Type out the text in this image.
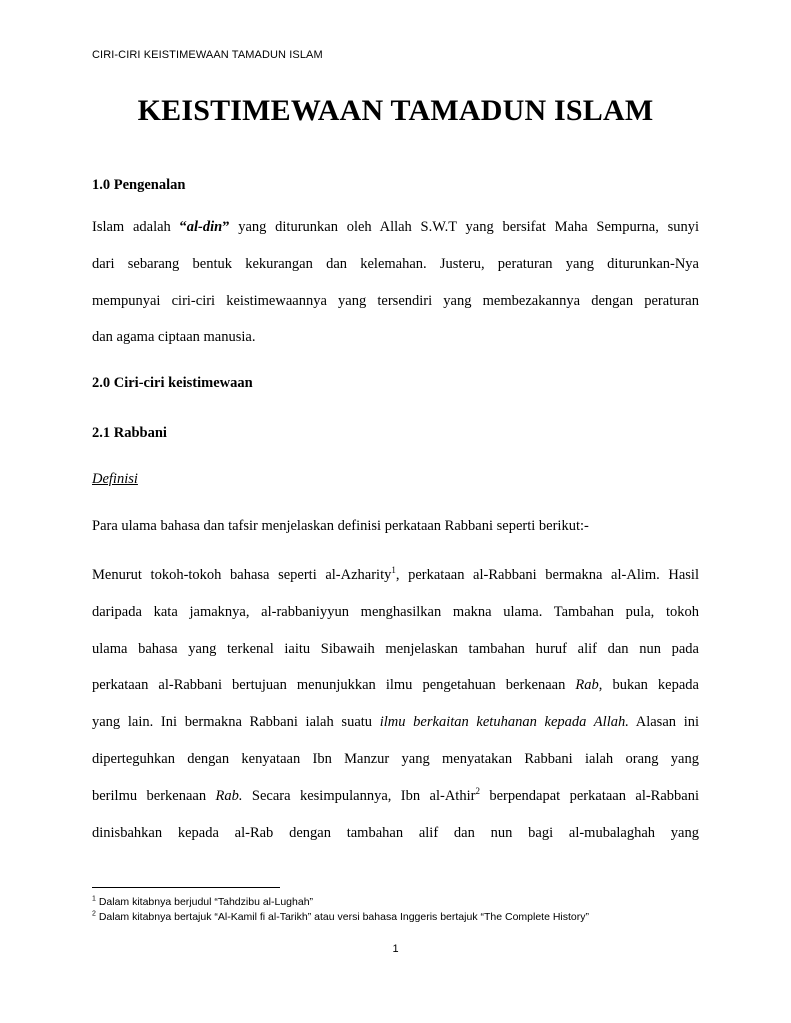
CIRI-CIRI KEISTIMEWAAN TAMADUN ISLAM
KEISTIMEWAAN TAMADUN ISLAM
1.0 Pengenalan
Islam adalah “al-din” yang diturunkan oleh Allah S.W.T yang bersifat Maha Sempurna, sunyi
dari sebarang bentuk kekurangan dan kelemahan. Justeru, peraturan yang diturunkan-Nya
mempunyai ciri-ciri keistimewaannya yang tersendiri yang membezakannya dengan peraturan
dan agama ciptaan manusia.
2.0 Ciri-ciri keistimewaan
2.1 Rabbani
Definisi
Para ulama bahasa dan tafsir menjelaskan definisi perkataan Rabbani seperti berikut:-
Menurut tokoh-tokoh bahasa seperti al-Azharity$^1$, perkataan al-Rabbani bermakna al-Alim. Hasil
daripada kata jamaknya, al-rabbaniyyun menghasilkan makna ulama. Tambahan pula, tokoh
ulama bahasa yang terkenal iaitu Sibawaih menjelaskan tambahan huruf alif dan nun pada
perkataan al-Rabbani bertujuan menunjukkan ilmu pengetahuan berkenaan Rab, bukan kepada
yang lain. Ini bermakna Rabbani ialah suatu ilmu berkaitan ketuhanan kepada Allah. Alasan ini
diperteguhkan dengan kenyataan Ibn Manzur yang menyatakan Rabbani ialah orang yang
berilmu berkenaan Rab. Secara kesimpulannya, Ibn al-Athir$^2$ berpendapat perkataan al-Rabbani
dinisbahkan kepada al-Rab dengan tambahan alif dan nun bagi al-mubalaghah yang
$^1$ Dalam kitabnya berjudul “Tahdzibu al-Lughah”
$^2$ Dalam kitabnya bertajuk “Al-Kamil fi al-Tarikh” atau versi bahasa Inggeris bertajuk “The Complete History”
1
